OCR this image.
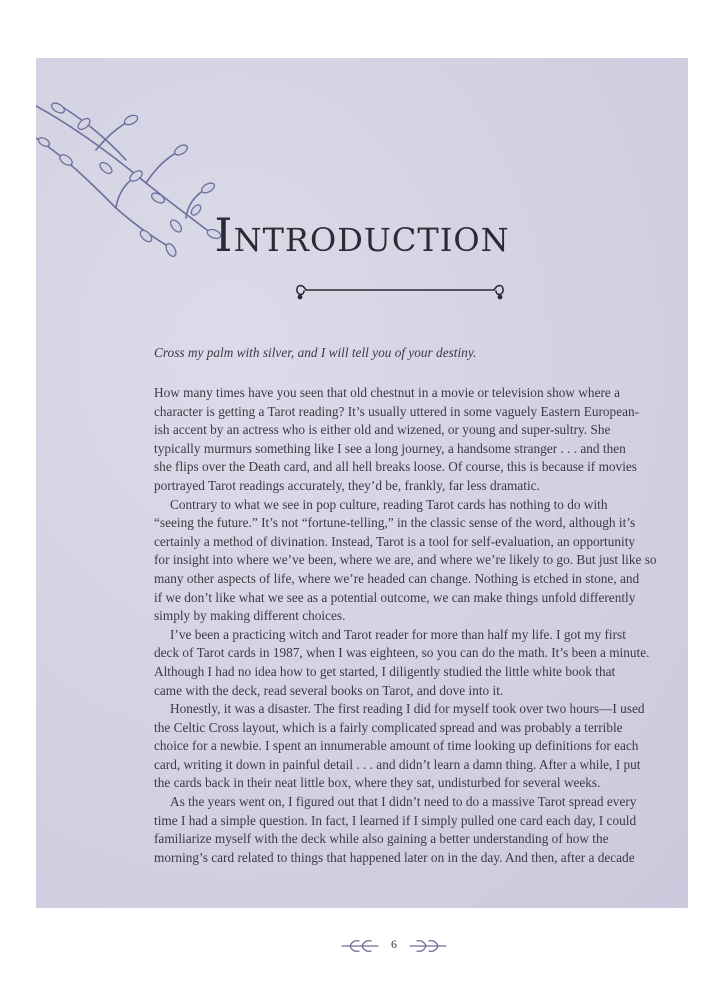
Introduction

Cross my palm with silver, and I will tell you of your destiny.

How many times have you seen that old chestnut in a movie or television show where a
character is getting a Tarot reading? It’s usually uttered in some vaguely Eastern European-
ish accent by an actress who is either old and wizened, or young and super-sultry. She
typically murmurs something like I see a long journey, a handsome stranger . . . and then
she flips over the Death card, and all hell breaks loose. Of course, this is because if movies
portrayed Tarot readings accurately, they’d be, frankly, far less dramatic.
Contrary to what we see in pop culture, reading Tarot cards has nothing to do with
“seeing the future.” It’s not “fortune-telling,” in the classic sense of the word, although it’s
certainly a method of divination. Instead, Tarot is a tool for self-evaluation, an opportunity
for insight into where we’ve been, where we are, and where we’re likely to go. But just like so
many other aspects of life, where we’re headed can change. Nothing is etched in stone, and
if we don’t like what we see as a potential outcome, we can make things unfold differently
simply by making different choices.
I’ve been a practicing witch and Tarot reader for more than half my life. I got my first
deck of Tarot cards in 1987, when I was eighteen, so you can do the math. It’s been a minute.
Although I had no idea how to get started, I diligently studied the little white book that
came with the deck, read several books on Tarot, and dove into it.
Honestly, it was a disaster. The first reading I did for myself took over two hours—I used
the Celtic Cross layout, which is a fairly complicated spread and was probably a terrible
choice for a newbie. I spent an innumerable amount of time looking up definitions for each
card, writing it down in painful detail . . . and didn’t learn a damn thing. After a while, I put
the cards back in their neat little box, where they sat, undisturbed for several weeks.
As the years went on, I figured out that I didn’t need to do a massive Tarot spread every
time I had a simple question. In fact, I learned if I simply pulled one card each day, I could
familiarize myself with the deck while also gaining a better understanding of how the
morning’s card related to things that happened later on in the day. And then, after a decade

6
